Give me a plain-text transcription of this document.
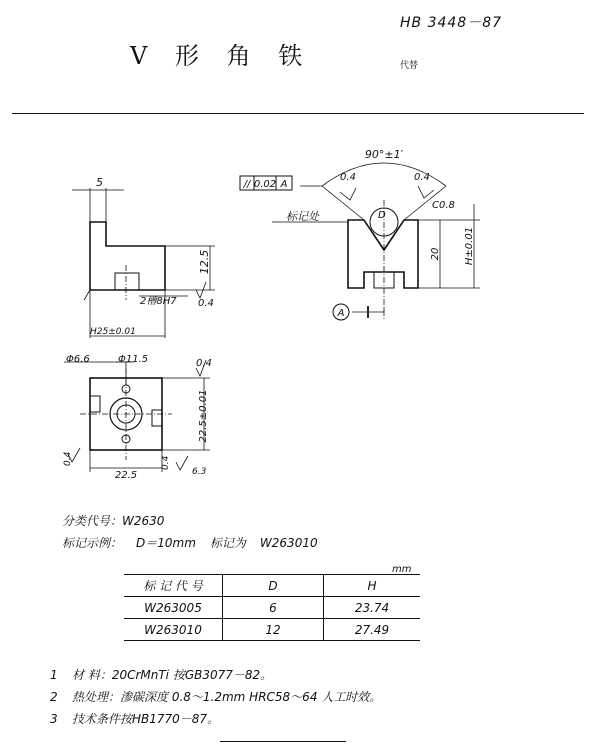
HB 3448－87
V 形 角 铁	代替
5
12.5
2槽8H7 0.4
H25±0.01
90°±1′
// 0.02 A
0.4	0.4
C0.8
标记处	D
20 H±0.01
A
Φ6.6	Φ11.5	0.4
22.5±0.01
22.5
0.4	0.4
6.3
分类代号：W2630
标记示例： D＝10mm 标记为 W263010
mm
标 记 代 号	D	H
W263005	6	23.74
W263010	12	27.49
1 材 料：20CrMnTi 按GB3077－82。
2 热处理：渗碳深度 0.8～1.2mm HRC58～64 人工时效。
3 技术条件按HB1770－87。
